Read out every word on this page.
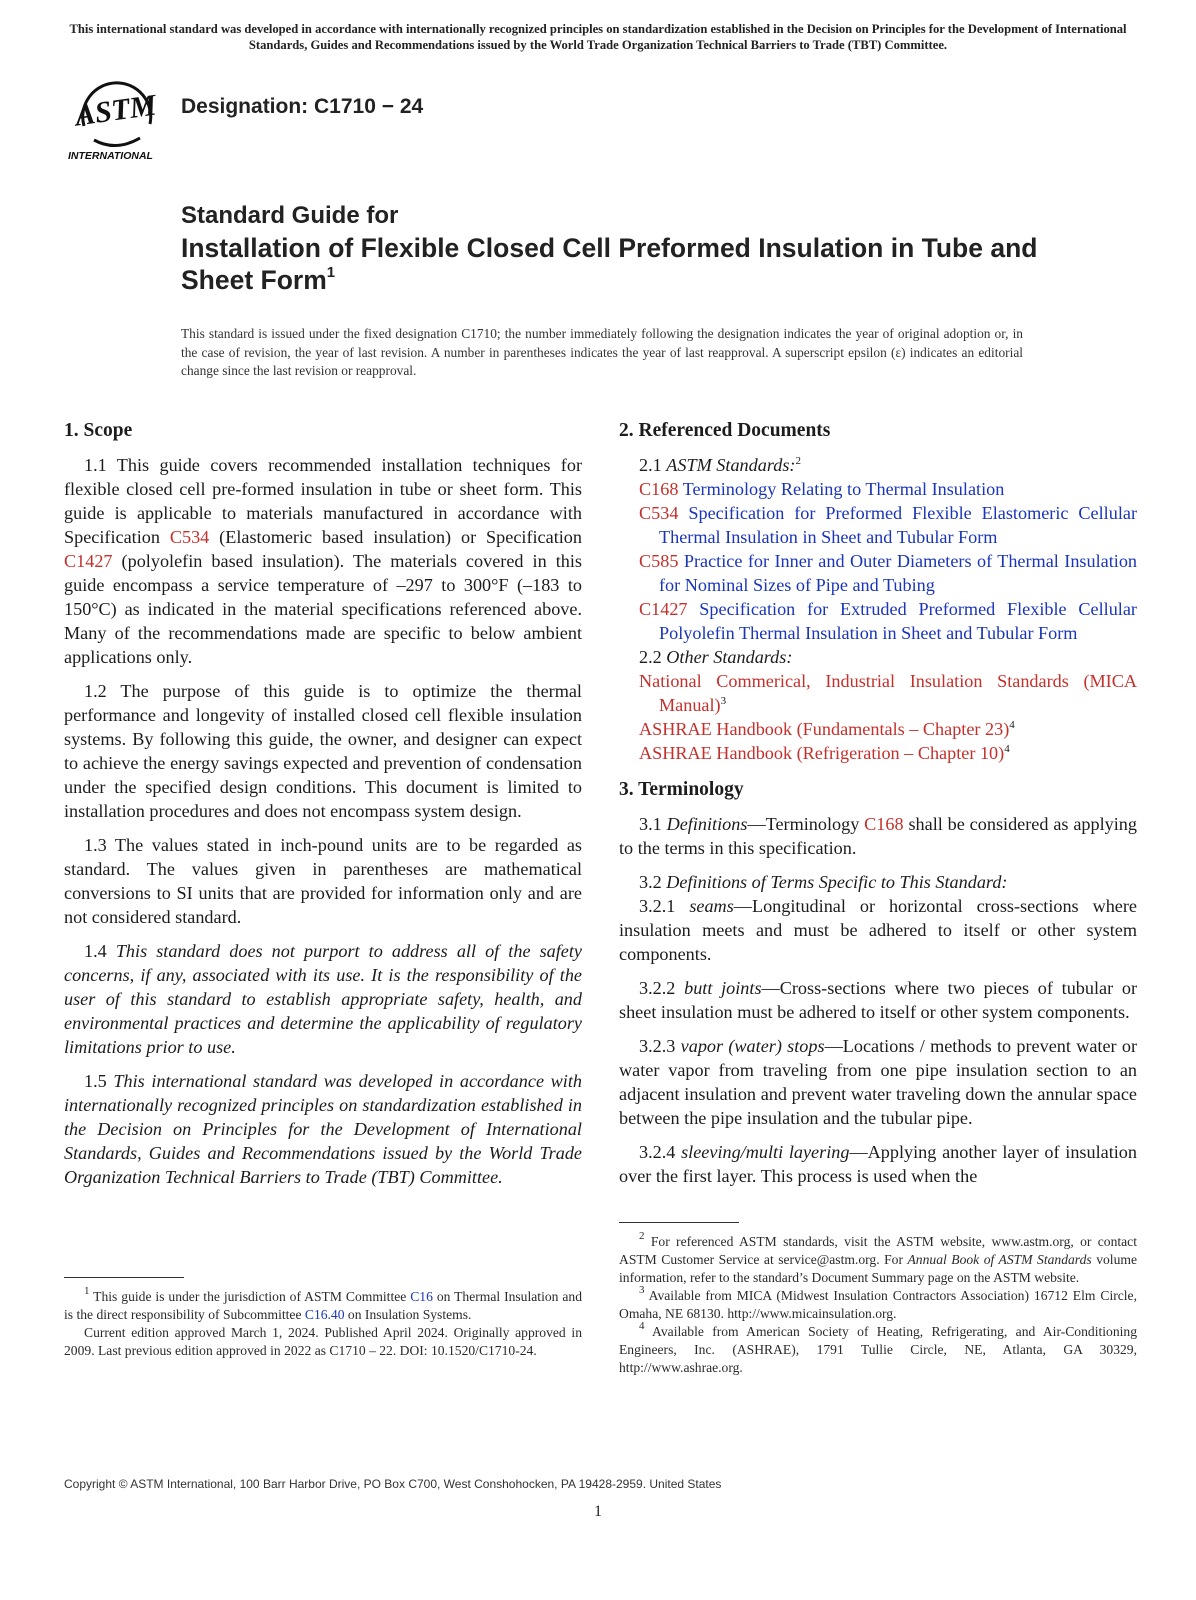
This international standard was developed in accordance with internationally recognized principles on standardization established in the Decision on Principles for the Development of International Standards, Guides and Recommendations issued by the World Trade Organization Technical Barriers to Trade (TBT) Committee.
ASTM
INTERNATIONAL
Designation: C1710 − 24
Standard Guide for
Installation of Flexible Closed Cell Preformed Insulation in Tube and Sheet Form$^1$
This standard is issued under the fixed designation C1710; the number immediately following the designation indicates the year of original adoption or, in the case of revision, the year of last revision. A number in parentheses indicates the year of last reapproval. A superscript epsilon (ε) indicates an editorial change since the last revision or reapproval.
1. Scope

1.1 This guide covers recommended installation techniques for flexible closed cell pre-formed insulation in tube or sheet form. This guide is applicable to materials manufactured in accordance with Specification C534 (Elastomeric based insulation) or Specification C1427 (polyolefin based insulation). The materials covered in this guide encompass a service temperature of –297 to 300°F (–183 to 150°C) as indicated in the material specifications referenced above. Many of the recommendations made are specific to below ambient applications only.

1.2 The purpose of this guide is to optimize the thermal performance and longevity of installed closed cell flexible insulation systems. By following this guide, the owner, and designer can expect to achieve the energy savings expected and prevention of condensation under the specified design conditions. This document is limited to installation procedures and does not encompass system design.

1.3 The values stated in inch-pound units are to be regarded as standard. The values given in parentheses are mathematical conversions to SI units that are provided for information only and are not considered standard.

1.4 This standard does not purport to address all of the safety concerns, if any, associated with its use. It is the responsibility of the user of this standard to establish appropriate safety, health, and environmental practices and determine the applicability of regulatory limitations prior to use.

1.5 This international standard was developed in accordance with internationally recognized principles on standardization established in the Decision on Principles for the Development of International Standards, Guides and Recommendations issued by the World Trade Organization Technical Barriers to Trade (TBT) Committee.

$^1$ This guide is under the jurisdiction of ASTM Committee C16 on Thermal Insulation and is the direct responsibility of Subcommittee C16.40 on Insulation Systems.

Current edition approved March 1, 2024. Published April 2024. Originally approved in 2009. Last previous edition approved in 2022 as C1710 – 22. DOI: 10.1520/C1710-24.

2. Referenced Documents
2.1 ASTM Standards:$^2$
C168 Terminology Relating to Thermal Insulation
C534 Specification for Preformed Flexible Elastomeric Cellular Thermal Insulation in Sheet and Tubular Form
C585 Practice for Inner and Outer Diameters of Thermal Insulation for Nominal Sizes of Pipe and Tubing
C1427 Specification for Extruded Preformed Flexible Cellular Polyolefin Thermal Insulation in Sheet and Tubular Form
2.2 Other Standards:
National Commerical, Industrial Insulation Standards (MICA Manual)$^3$
ASHRAE Handbook (Fundamentals – Chapter 23)$^4$
ASHRAE Handbook (Refrigeration – Chapter 10)$^4$
3. Terminology

3.1 Definitions—Terminology C168 shall be considered as applying to the terms in this specification.

3.2 Definitions of Terms Specific to This Standard:

3.2.1 seams—Longitudinal or horizontal cross-sections where insulation meets and must be adhered to itself or other system components.

3.2.2 butt joints—Cross-sections where two pieces of tubular or sheet insulation must be adhered to itself or other system components.

3.2.3 vapor (water) stops—Locations / methods to prevent water or water vapor from traveling from one pipe insulation section to an adjacent insulation and prevent water traveling down the annular space between the pipe insulation and the tubular pipe.

3.2.4 sleeving/multi layering—Applying another layer of insulation over the first layer. This process is used when the

$^2$ For referenced ASTM standards, visit the ASTM website, www.astm.org, or contact ASTM Customer Service at service@astm.org. For Annual Book of ASTM Standards volume information, refer to the standard’s Document Summary page on the ASTM website.

$^3$ Available from MICA (Midwest Insulation Contractors Association) 16712 Elm Circle, Omaha, NE 68130. http://www.micainsulation.org.

$^4$ Available from American Society of Heating, Refrigerating, and Air-Conditioning Engineers, Inc. (ASHRAE), 1791 Tullie Circle, NE, Atlanta, GA 30329, http://www.ashrae.org.

Copyright © ASTM International, 100 Barr Harbor Drive, PO Box C700, West Conshohocken, PA 19428-2959. United States
1
